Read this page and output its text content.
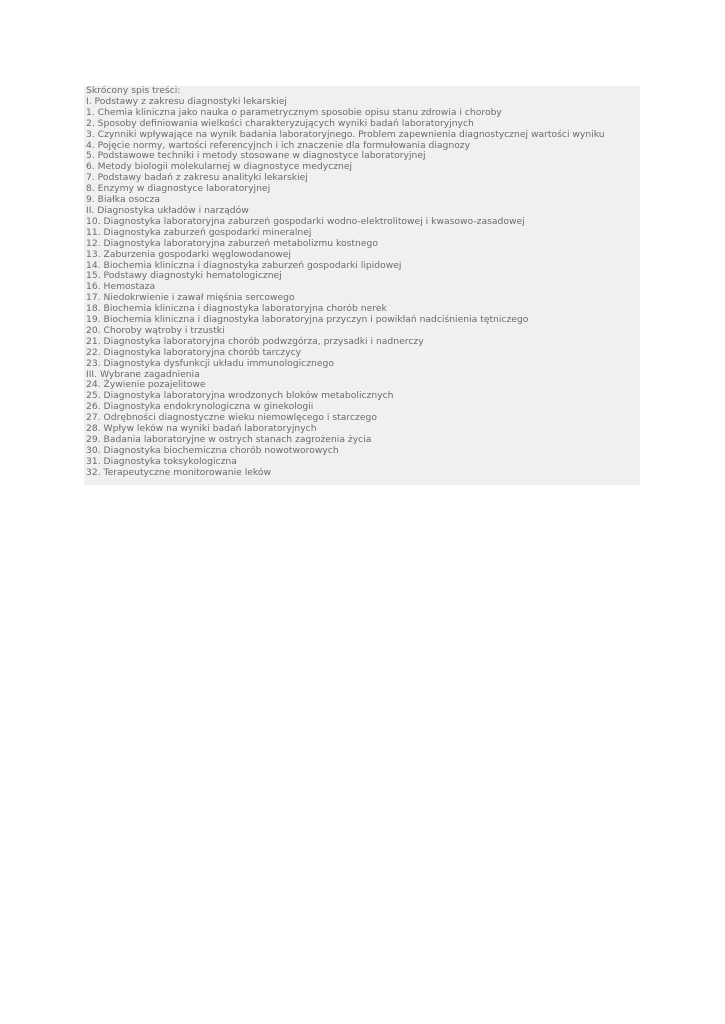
Skrócony spis treści:

I. Podstawy z zakresu diagnostyki lekarskiej

1. Chemia kliniczna jako nauka o parametrycznym sposobie opisu stanu zdrowia i choroby

2. Sposoby definiowania wielkości charakteryzujących wyniki badań laboratoryjnych

3. Czynniki wpływające na wynik badania laboratoryjnego. Problem zapewnienia diagnostycznej wartości wyniku

4. Pojęcie normy, wartości referencyjnch i ich znaczenie dla formułowania diagnozy

5. Podstawowe techniki i metody stosowane w diagnostyce laboratoryjnej

6. Metody biologii molekularnej w diagnostyce medycznej

7. Podstawy badań z zakresu analityki lekarskiej

8. Enzymy w diagnostyce laboratoryjnej

9. Białka osocza

II. Diagnostyka układów i narządów

10. Diagnostyka laboratoryjna zaburzeń gospodarki wodno-elektrolitowej i kwasowo-zasadowej

11. Diagnostyka zaburzeń gospodarki mineralnej

12. Diagnostyka laboratoryjna zaburzeń metabolizmu kostnego

13. Zaburzenia gospodarki węglowodanowej

14. Biochemia kliniczna i diagnostyka zaburzeń gospodarki lipidowej

15. Podstawy diagnostyki hematologicznej

16. Hemostaza

17. Niedokrwienie i zawał mięśnia sercowego

18. Biochemia kliniczna i diagnostyka laboratoryjna chorób nerek

19. Biochemia kliniczna i diagnostyka laboratoryjna przyczyn i powikłań nadciśnienia tętniczego

20. Choroby wątroby i trzustki

21. Diagnostyka laboratoryjna chorób podwzgórza, przysadki i nadnerczy

22. Diagnostyka laboratoryjna chorób tarczycy

23. Diagnostyka dysfunkcji układu immunologicznego

III. Wybrane zagadnienia

24. Żywienie pozajelitowe

25. Diagnostyka laboratoryjna wrodzonych bloków metabolicznych

26. Diagnostyka endokrynologiczna w ginekologii

27. Odrębności diagnostyczne wieku niemowlęcego i starczego

28. Wpływ leków na wyniki badań laboratoryjnych

29. Badania laboratoryjne w ostrych stanach zagrożenia życia

30. Diagnostyka biochemiczna chorób nowotworowych

31. Diagnostyka toksykologiczna

32. Terapeutyczne monitorowanie leków
